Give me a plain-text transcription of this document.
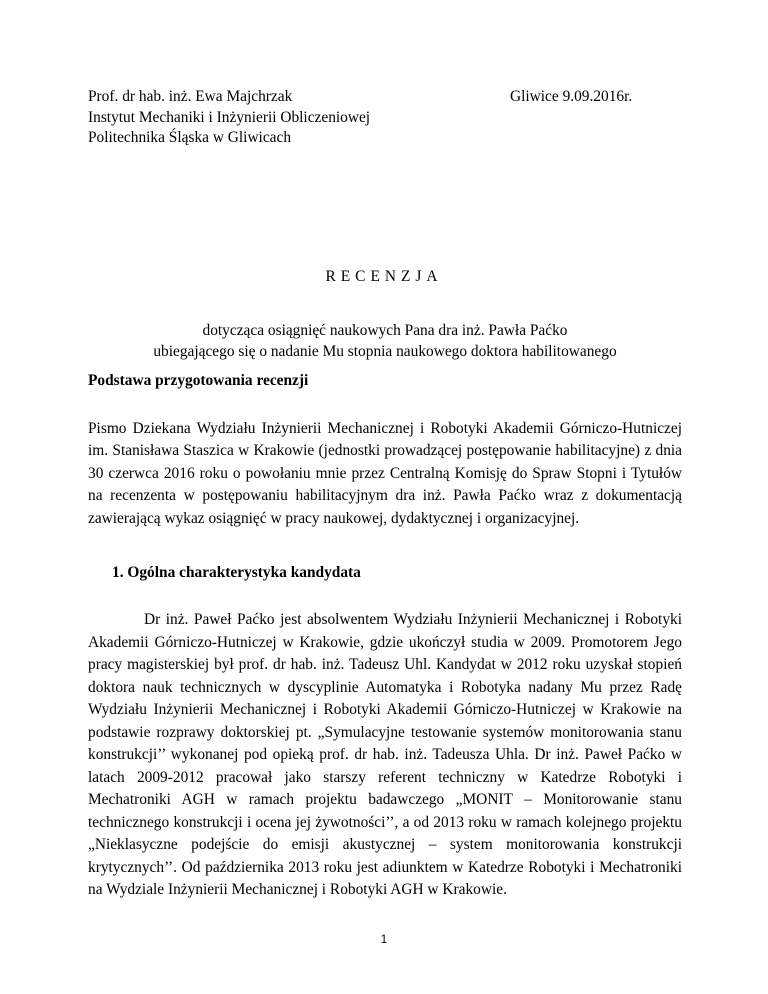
Prof. dr hab. inż. Ewa Majchrzak
Instytut Mechaniki i Inżynierii Obliczeniowej
Politechnika Śląska w Gliwicach
Gliwice 9.09.2016r.
RECENZJA
dotycząca osiągnięć naukowych Pana dra inż. Pawła Paćko
ubiegającego się o nadanie Mu stopnia naukowego doktora habilitowanego
Podstawa przygotowania recenzji
Pismo Dziekana Wydziału Inżynierii Mechanicznej i Robotyki Akademii Górniczo-Hutniczej im. Stanisława Staszica w Krakowie (jednostki prowadzącej postępowanie habilitacyjne) z dnia 30 czerwca 2016 roku o powołaniu mnie przez Centralną Komisję do Spraw Stopni i Tytułów na recenzenta w postępowaniu habilitacyjnym dra inż. Pawła Paćko wraz z dokumentacją zawierającą wykaz osiągnięć w pracy naukowej, dydaktycznej i organizacyjnej.
1. Ogólna charakterystyka kandydata
Dr inż. Paweł Paćko jest absolwentem Wydziału Inżynierii Mechanicznej i Robotyki Akademii Górniczo-Hutniczej w Krakowie, gdzie ukończył studia w 2009. Promotorem Jego pracy magisterskiej był prof. dr hab. inż. Tadeusz Uhl. Kandydat w 2012 roku uzyskał stopień doktora nauk technicznych w dyscyplinie Automatyka i Robotyka nadany Mu przez Radę Wydziału Inżynierii Mechanicznej i Robotyki Akademii Górniczo-Hutniczej w Krakowie na podstawie rozprawy doktorskiej pt. „Symulacyjne testowanie systemów monitorowania stanu konstrukcji’’ wykonanej pod opieką prof. dr hab. inż. Tadeusza Uhla. Dr inż. Paweł Paćko w latach 2009-2012 pracował jako starszy referent techniczny w Katedrze Robotyki i Mechatroniki AGH w ramach projektu badawczego „MONIT – Monitorowanie stanu technicznego konstrukcji i ocena jej żywotności’’, a od 2013 roku w ramach kolejnego projektu „Nieklasyczne podejście do emisji akustycznej – system monitorowania konstrukcji krytycznych’’. Od października 2013 roku jest adiunktem w Katedrze Robotyki i Mechatroniki na Wydziale Inżynierii Mechanicznej i Robotyki AGH w Krakowie.
1
